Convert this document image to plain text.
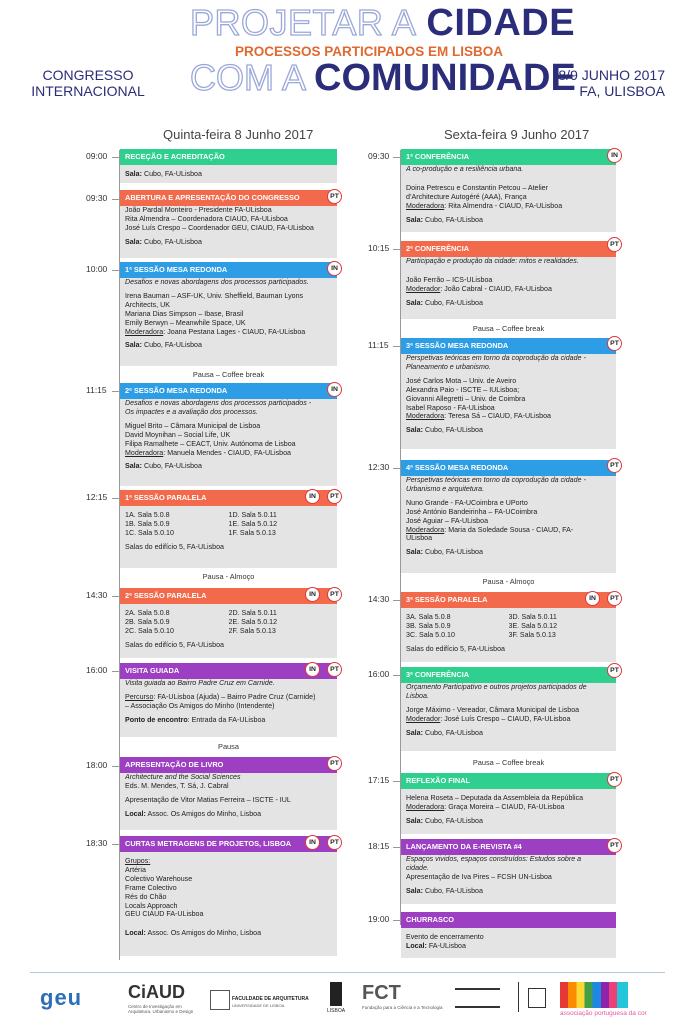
PROJETAR A CIDADE
PROCESSOS PARTICIPADOS EM LISBOA
COM A COMUNIDADE
CONGRESSO
INTERNACIONAL
8/9 JUNHO 2017
FA, ULISBOA
Quinta-feira 8 Junho 2017	Sexta-feira 9 Junho 2017
09:00	RECEÇÃO E ACREDITAÇÃO
Sala: Cubo, FA-ULisboa
09:30	ABERTURA E APRESENTAÇÃO DO CONGRESSO
João Pardal Monteiro - Presidente FA-ULisboa
Rita Almendra – Coordenadora CIAUD, FA-ULisboa
José Luís Crespo – Coordenador GEU, CIAUD, FA-ULisboa
Sala: Cubo, FA-ULisboa
PT
10:00	1ª SESSÃO MESA REDONDA
Desafios e novas abordagens dos processos participados.
Irena Bauman – ASF-UK, Univ. Sheffield, Bauman Lyons
Architects, UK
Mariana Dias Simpson – Ibase, Brasil
Emily Berwyn – Meanwhile Space, UK
Moderadora: Joana Pestana Lages - CIAUD, FA-ULisboa
Sala: Cubo, FA-ULisboa
IN
Pausa – Coffee break
11:15	2ª SESSÃO MESA REDONDA
Desafios e novas abordagens dos processos participados -
Os impactes e a avaliação dos processos.
Miguel Brito – Câmara Municipal de Lisboa
David Moynihan – Social Life, UK
Filipa Ramalhete – CEACT, Univ. Autónoma de Lisboa
Moderadora: Manuela Mendes - CIAUD, FA-ULisboa
Sala: Cubo, FA-ULisboa
IN
12:15	1ª SESSÃO PARALELA
1A. Sala 5.0.8
1B. Sala 5.0.9
1C. Sala 5.0.10
1D. Sala 5.0.11
1E. Sala 5.0.12
1F. Sala 5.0.13
Salas do edifício 5, FA-ULisboa
IN	PT
Pausa - Almoço
14:30	2ª SESSÃO PARALELA
2A. Sala 5.0.8
2B. Sala 5.0.9
2C. Sala 5.0.10
2D. Sala 5.0.11
2E. Sala 5.0.12
2F. Sala 5.0.13
Salas do edifício 5, FA-ULisboa
IN	PT
16:00	VISITA GUIADA
Visita guiada ao Bairro Padre Cruz em Carnide.
Percurso: FA-ULisboa (Ajuda) – Bairro Padre Cruz (Carnide)
– Associação Os Amigos do Minho (Intendente)
Ponto de encontro: Entrada da FA-ULisboa
IN	PT
Pausa
18:00	APRESENTAÇÃO DE LIVRO
Architecture and the Social Sciences
Eds. M. Mendes, T. Sá, J. Cabral
Apresentação de Vitor Matias Ferreira – ISCTE - IUL
Local: Assoc. Os Amigos do Minho, Lisboa
PT
18:30	CURTAS METRAGENS DE PROJETOS, LISBOA
Grupos:
Artéria
Colectivo Warehouse
Frame Colectivo
Rés do Chão
Locals Approach
GEU CIAUD FA-ULisboa
Local: Assoc. Os Amigos do Minho, Lisboa
IN	PT
09:30	1ª CONFERÊNCIA
A co-produção e a resiliência urbana.
Doina Petrescu e Constantin Petcou – Atelier
d’Architecture Autogéré (AAA), França
Moderadora: Rita Almendra - CIAUD, FA-ULisboa
Sala: Cubo, FA-ULisboa
IN
10:15	2ª CONFERÊNCIA
Participação e produção da cidade: mitos e realidades.
João Ferrão – ICS-ULisboa
Moderador: João Cabral - CIAUD, FA-ULisboa
Sala: Cubo, FA-ULisboa
PT
Pausa – Coffee break
11:15	3ª SESSÃO MESA REDONDA
Perspetivas teóricas em torno da coprodução da cidade -
Planeamento e urbanismo.
José Carlos Mota – Univ. de Aveiro
Alexandra Paio - ISCTE – IULisboa;
Giovanni Allegretti – Univ. de Coimbra
Isabel Raposo - FA-ULisboa
Moderadora: Teresa Sá – CIAUD, FA-ULisboa
Sala: Cubo, FA-ULisboa
PT
12:30	4ª SESSÃO MESA REDONDA
Perspetivas teóricas em torno da coprodução da cidade -
Urbanismo e arquitetura.
Nuno Grande - FA-UCoimbra e UPorto
José António Bandeirinha – FA-UCoimbra
José Aguiar – FA-ULisboa
Moderadora: Maria da Soledade Sousa - CIAUD, FA-
ULisboa
Sala: Cubo, FA-ULisboa
PT
Pausa - Almoço
14:30	3ª SESSÃO PARALELA
3A. Sala 5.0.8
3B. Sala 5.0.9
3C. Sala 5.0.10
3D. Sala 5.0.11
3E. Sala 5.0.12
3F. Sala 5.0.13
Salas do edifício 5, FA-ULisboa
IN	PT
16:00	3ª CONFERÊNCIA
Orçamento Participativo e outros projetos participados de
Lisboa.
Jorge Máximo - Vereador, Câmara Municipal de Lisboa
Moderador: José Luís Crespo – CIAUD, FA-ULisboa
Sala: Cubo, FA-ULisboa
PT
Pausa – Coffee break
17:15	REFLEXÃO FINAL
Helena Roseta – Deputada da Assembleia da República
Moderadora: Graça Moreira – CIAUD, FA-ULisboa
Sala: Cubo, FA-ULisboa
PT
18:15	LANÇAMENTO DA E-REVISTA #4
Espaços vividos, espaços construídos: Estudos sobre a
cidade.
Apresentação de Iva Pires – FCSH UN-Lisboa
Sala: Cubo, FA-ULisboa
PT
19:00	CHURRASCO
Evento de encerramento
Local: FA-ULisboa
geu	CiAUD
Centro de Investigação em Arquitetura, Urbanismo e Design
FACULDADE DE ARQUITETURA
UNIVERSIDADE DE LISBOA
LISBOA
FCT
Fundação para a Ciência e a Tecnologia
associação portuguesa da cor
